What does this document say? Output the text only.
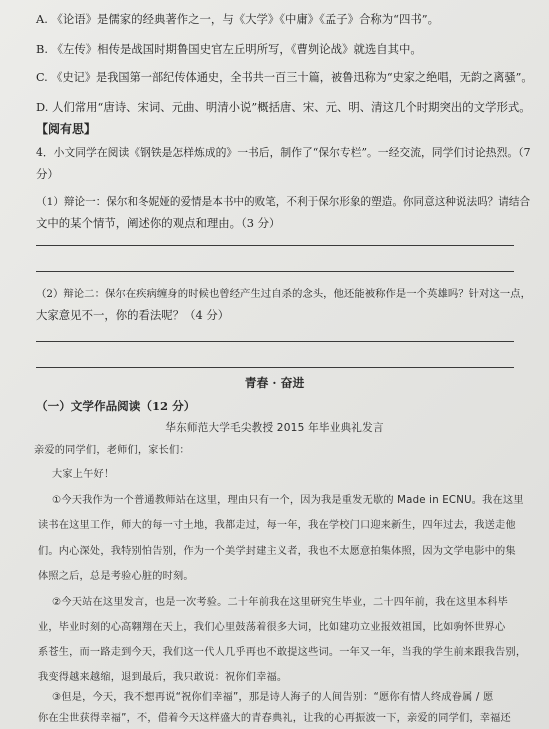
A. 《论语》是儒家的经典著作之一，与《大学》《中庸》《孟子》合称为“四书”。
B. 《左传》相传是战国时期鲁国史官左丘明所写，《曹刿论战》就选自其中。
C. 《史记》是我国第一部纪传体通史，全书共一百三十篇，被鲁迅称为“史家之绝唱，无韵之离骚”。
D. 人们常用“唐诗、宋词、元曲、明清小说”概括唐、宋、元、明、清这几个时期突出的文学形式。
【阅有思】
4．小文同学在阅读《钢铁是怎样炼成的》一书后，制作了“保尔专栏”。一经交流，同学们讨论热烈。（7
分）
（1）辩论一：保尔和冬妮娅的爱情是本书中的败笔，不利于保尔形象的塑造。你同意这种说法吗？请结合
文中的某个情节，阐述你的观点和理由。（3 分）
（2）辩论二：保尔在疾病缠身的时候也曾经产生过自杀的念头，他还能被称作是一个英雄吗？针对这一点，
大家意见不一，你的看法呢？（4 分）
青春 · 奋进
（一）文学作品阅读（12 分）
华东师范大学毛尖教授 2015 年毕业典礼发言
亲爱的同学们，老师们，家长们：
大家上午好！
①今天我作为一个普通教师站在这里，理由只有一个，因为我是重发无歇的 Made in ECNU。我在这里
读书在这里工作，师大的每一寸土地，我都走过，每一年，我在学校门口迎来新生，四年过去，我送走他
们。内心深处，我特别怕告别，作为一个美学封建主义者，我也不太愿意拍集体照，因为文学电影中的集
体照之后，总是考验心脏的时刻。
②今天站在这里发言，也是一次考验。二十年前我在这里研究生毕业，二十四年前，我在这里本科毕
业，毕业时刻的心高翱翔在天上，我们心里鼓荡着很多大词，比如建功立业报效祖国，比如驹怀世界心
系苍生，而一路走到今天，我们这一代人几乎再也不敢提这些词。一年又一年，当我的学生前来跟我告别，
我变得越来越缩，退到最后，我只敢说：祝你们幸福。
③但是，今天，我不想再说“祝你们幸福”，那是诗人海子的人间告别：“愿你有情人终成眷属 / 愿
你在尘世获得幸福”，不，借着今天这样盛大的青春典礼，让我的心再振波一下，亲爱的同学们，幸福还
